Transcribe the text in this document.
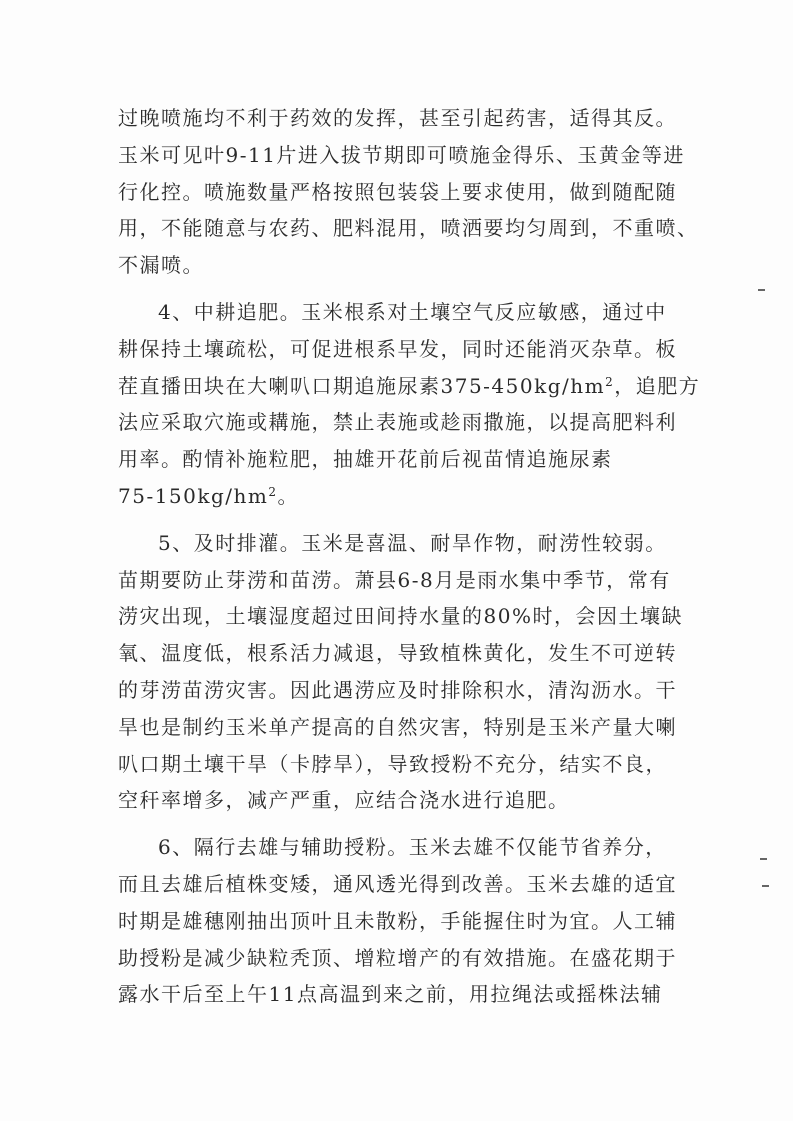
过晚喷施均不利于药效的发挥，甚至引起药害，适得其反。
玉米可见叶9-11片进入拔节期即可喷施金得乐、玉黄金等进
行化控。喷施数量严格按照包装袋上要求使用，做到随配随
用，不能随意与农药、肥料混用，喷洒要均匀周到，不重喷、
不漏喷。
4、中耕追肥。玉米根系对土壤空气反应敏感，通过中
耕保持土壤疏松，可促进根系早发，同时还能消灭杂草。板
茬直播田块在大喇叭口期追施尿素$375-450kg/hm^2$，追肥方
法应采取穴施或耩施，禁止表施或趁雨撒施，以提高肥料利
用率。酌情补施粒肥，抽雄开花前后视苗情追施尿素
$75-150kg/hm^2$。
5、及时排灌。玉米是喜温、耐旱作物，耐涝性较弱。
苗期要防止芽涝和苗涝。萧县6-8月是雨水集中季节，常有
涝灾出现，土壤湿度超过田间持水量的80%时，会因土壤缺
氧、温度低，根系活力减退，导致植株黄化，发生不可逆转
的芽涝苗涝灾害。因此遇涝应及时排除积水，清沟沥水。干
旱也是制约玉米单产提高的自然灾害，特别是玉米产量大喇
叭口期土壤干旱（卡脖旱），导致授粉不充分，结实不良，
空秆率增多，减产严重，应结合浇水进行追肥。
6、隔行去雄与辅助授粉。玉米去雄不仅能节省养分，
而且去雄后植株变矮，通风透光得到改善。玉米去雄的适宜
时期是雄穗刚抽出顶叶且未散粉，手能握住时为宜。人工辅
助授粉是减少缺粒秃顶、增粒增产的有效措施。在盛花期于
露水干后至上午11点高温到来之前，用拉绳法或摇株法辅
